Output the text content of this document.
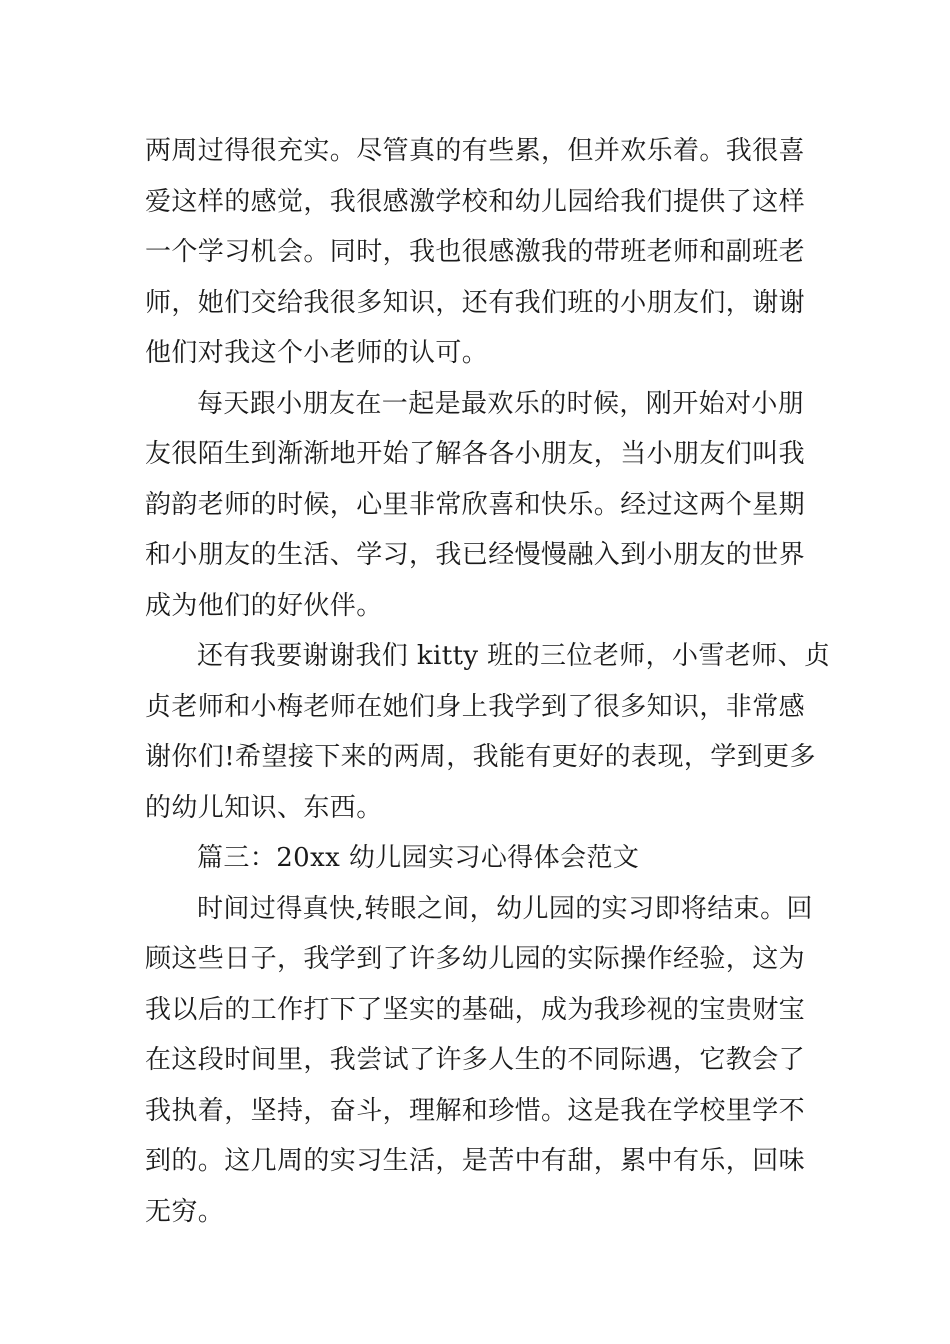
两周过得很充实。尽管真的有些累，但并欢乐着。我很喜
爱这样的感觉，我很感激学校和幼儿园给我们提供了这样
一个学习机会。同时，我也很感激我的带班老师和副班老
师，她们交给我很多知识，还有我们班的小朋友们，谢谢
他们对我这个小老师的认可。
每天跟小朋友在一起是最欢乐的时候，刚开始对小朋
友很陌生到渐渐地开始了解各各小朋友，当小朋友们叫我
韵韵老师的时候，心里非常欣喜和快乐。经过这两个星期
和小朋友的生活、学习，我已经慢慢融入到小朋友的世界
成为他们的好伙伴。
还有我要谢谢我们 kitty 班的三位老师，小雪老师、贞
贞老师和小梅老师在她们身上我学到了很多知识，非常感
谢你们!希望接下来的两周，我能有更好的表现，学到更多
的幼儿知识、东西。
篇三：20xx 幼儿园实习心得体会范文
时间过得真快,转眼之间，幼儿园的实习即将结束。回
顾这些日子，我学到了许多幼儿园的实际操作经验，这为
我以后的工作打下了坚实的基础，成为我珍视的宝贵财宝
在这段时间里，我尝试了许多人生的不同际遇，它教会了
我执着，坚持，奋斗，理解和珍惜。这是我在学校里学不
到的。这几周的实习生活，是苦中有甜，累中有乐，回味
无穷。
